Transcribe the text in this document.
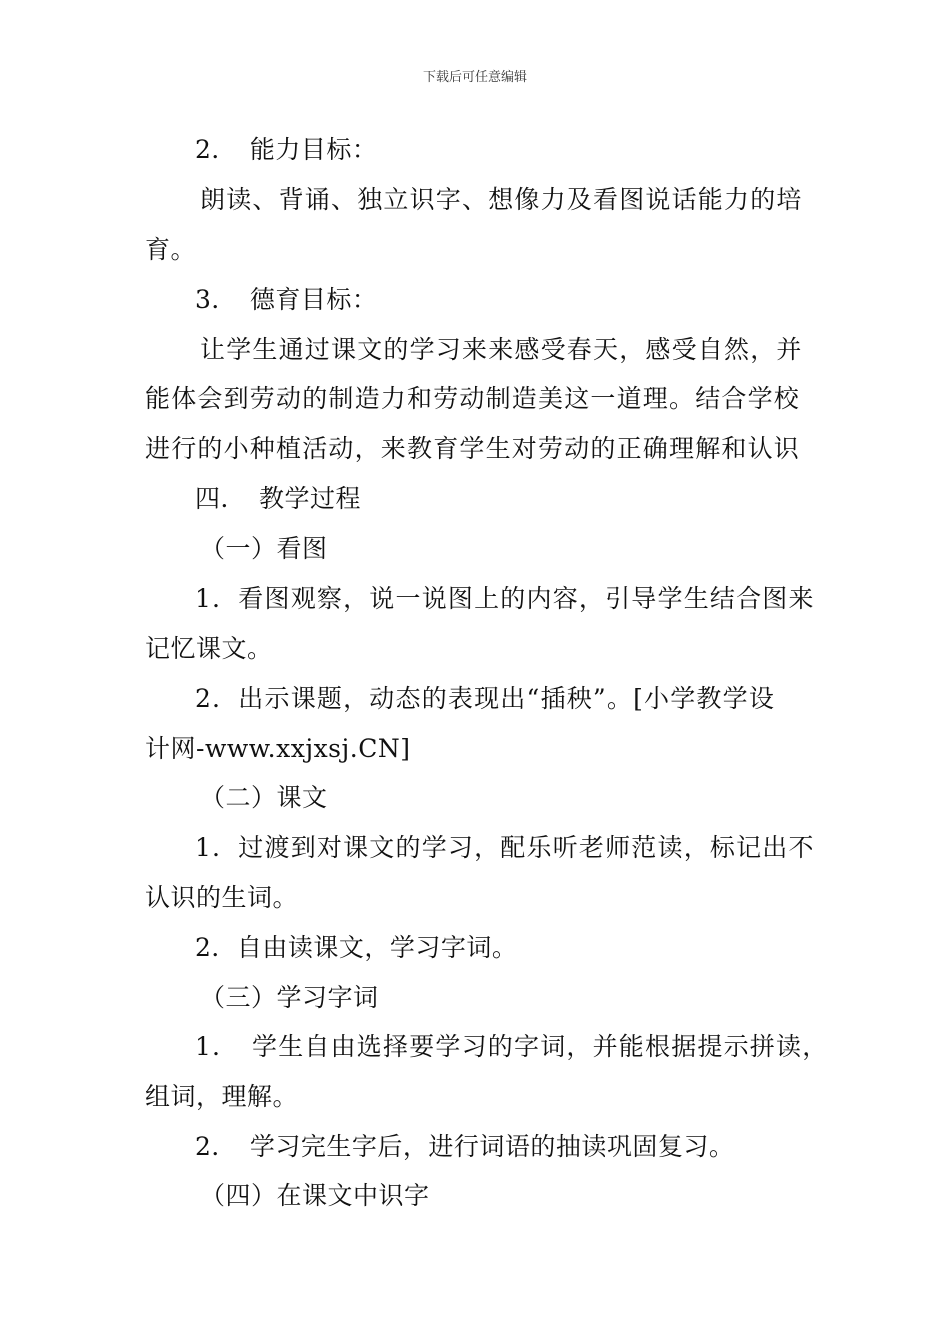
下载后可任意编辑
2．　能力目标：
朗读、背诵、独立识字、想像力及看图说话能力的培
育。
3．　德育目标：
让学生通过课文的学习来来感受春天，感受自然，并
能体会到劳动的制造力和劳动制造美这一道理。结合学校
进行的小种植活动，来教育学生对劳动的正确理解和认识
四．　教学过程
（一）看图
1．看图观察，说一说图上的内容，引导学生结合图来
记忆课文。
2．出示课题，动态的表现出“插秧”。[小学教学设
计网-www.xxjxsj.CN]
（二）课文
1．过渡到对课文的学习，配乐听老师范读，标记出不
认识的生词。
2．自由读课文，学习字词。
（三）学习字词
1．　学生自由选择要学习的字词，并能根据提示拼读，
组词，理解。
2．　学习完生字后，进行词语的抽读巩固复习。
（四）在课文中识字
